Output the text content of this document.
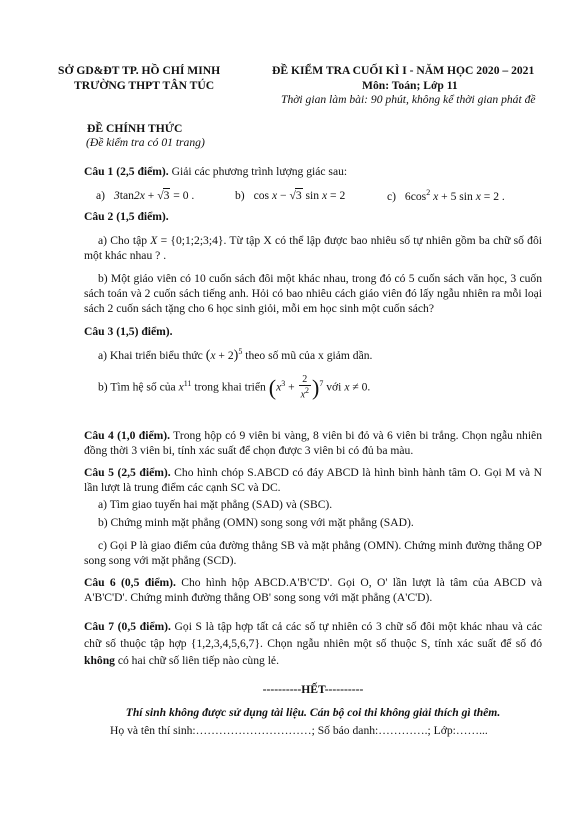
SỞ GD&ĐT TP. HỒ CHÍ MINH
TRƯỜNG THPT TÂN TÚC
ĐỀ KIỂM TRA CUỐI KÌ I - NĂM HỌC 2020 – 2021
Môn: Toán; Lớp 11
Thời gian làm bài: 90 phút, không kể thời gian phát đề
ĐỀ CHÍNH THỨC
(Đề kiểm tra có 01 trang)
Câu 1 (2,5 điểm). Giải các phương trình lượng giác sau:
a) 3tan2x + √3 = 0 .	b) cos x − √3 sin x = 2	c) $6\cos^2$ x + 5 sin x = 2 .
Câu 2 (1,5 điểm).
a) Cho tập X = {0;1;2;3;4}. Từ tập X có thể lập được bao nhiêu số tự nhiên gồm ba chữ số đôi một khác nhau ? .
b) Một giáo viên có 10 cuốn sách đôi một khác nhau, trong đó có 5 cuốn sách văn học, 3 cuốn sách toán và 2 cuốn sách tiếng anh. Hỏi có bao nhiêu cách giáo viên đó lấy ngẫu nhiên ra mỗi loại sách 2 cuốn sách tặng cho 6 học sinh giỏi, mỗi em học sinh một cuốn sách?
Câu 3 (1,5) điểm).
a) Khai triển biểu thức $(x + 2)^5$ theo số mũ của x giảm dần.
b) Tìm hệ số của $x^{11}$ trong khai triển $(x^3 + \frac{2}{x^2} )^7$ với x ≠ 0.
Câu 4 (1,0 điểm). Trong hộp có 9 viên bi vàng, 8 viên bi đỏ và 6 viên bi trắng. Chọn ngẫu nhiên đồng thời 3 viên bi, tính xác suất để chọn được 3 viên bi có đủ ba màu.
Câu 5 (2,5 điểm). Cho hình chóp S.ABCD có đáy ABCD là hình bình hành tâm O. Gọi M và N lần lượt là trung điểm các cạnh SC và DC.
a) Tìm giao tuyến hai mặt phẳng (SAD) và (SBC).
b) Chứng minh mặt phẳng (OMN) song song với mặt phẳng (SAD).
c) Gọi P là giao điểm của đường thẳng SB và mặt phẳng (OMN). Chứng minh đường thẳng OP song song với mặt phẳng (SCD).
Câu 6 (0,5 điểm). Cho hình hộp ABCD.A'B'C'D'. Gọi O, O' lần lượt là tâm của ABCD và A'B'C'D'. Chứng minh đường thẳng OB' song song với mặt phẳng (A'C'D).
Câu 7 (0,5 điểm). Gọi S là tập hợp tất cả các số tự nhiên có 3 chữ số đôi một khác nhau và các chữ số thuộc tập hợp {1,2,3,4,5,6,7}. Chọn ngẫu nhiên một số thuộc S, tính xác suất để số đó không có hai chữ số liên tiếp nào cùng lẻ.
----------HẾT----------
Thí sinh không được sử dụng tài liệu. Cán bộ coi thi không giải thích gì thêm.
Họ và tên thí sinh:…………………………; Số báo danh:………….; Lớp:……...
